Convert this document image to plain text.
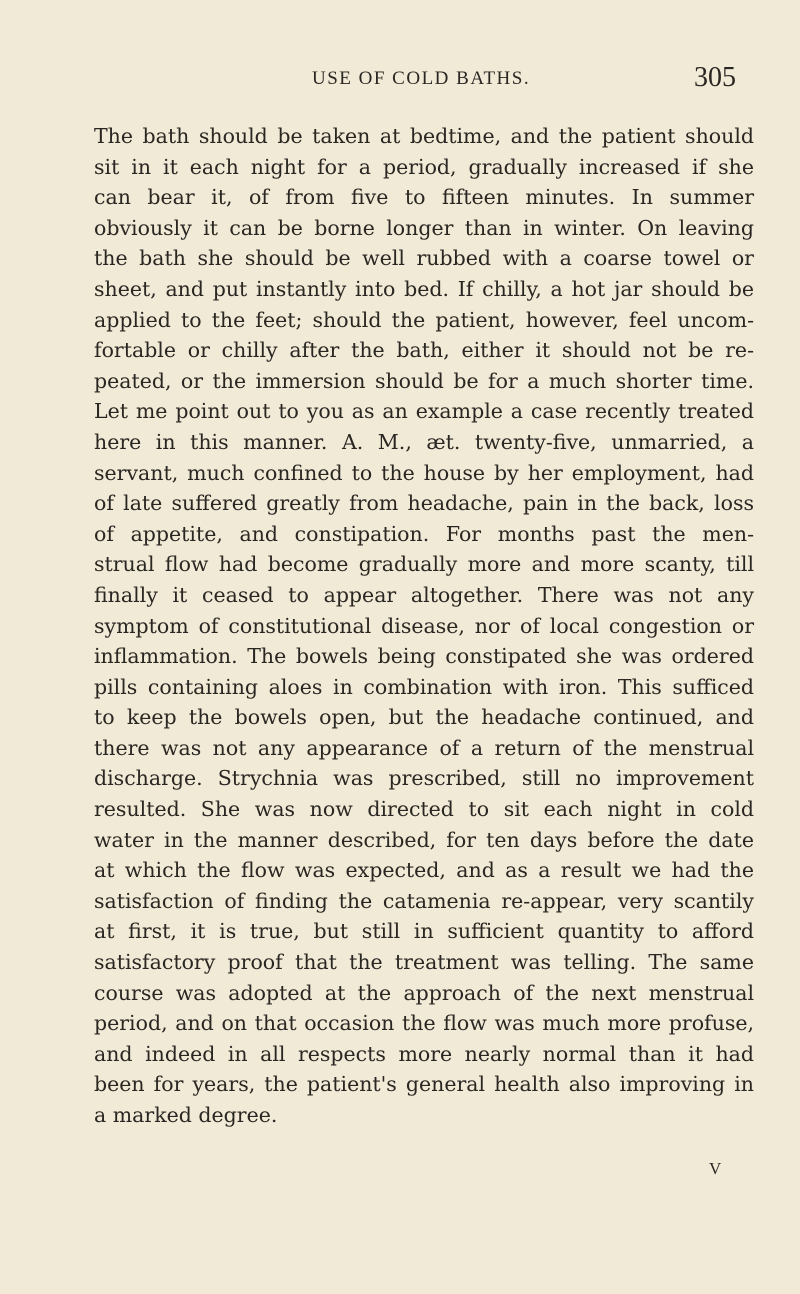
USE OF COLD BATHS.	305
The bath should be taken at bedtime, and the patient should
sit in it each night for a period, gradually increased if she
can bear it, of from five to fifteen minutes. In summer
obviously it can be borne longer than in winter. On leaving
the bath she should be well rubbed with a coarse towel or
sheet, and put instantly into bed. If chilly, a hot jar should be
applied to the feet; should the patient, however, feel uncom-
fortable or chilly after the bath, either it should not be re-
peated, or the immersion should be for a much shorter time.
Let me point out to you as an example a case recently treated
here in this manner. A. M., æt. twenty-five, unmarried, a
servant, much confined to the house by her employment, had
of late suffered greatly from headache, pain in the back, loss
of appetite, and constipation. For months past the men-
strual flow had become gradually more and more scanty, till
finally it ceased to appear altogether. There was not any
symptom of constitutional disease, nor of local congestion or
inflammation. The bowels being constipated she was ordered
pills containing aloes in combination with iron. This sufficed
to keep the bowels open, but the headache continued, and
there was not any appearance of a return of the menstrual
discharge. Strychnia was prescribed, still no improvement
resulted. She was now directed to sit each night in cold
water in the manner described, for ten days before the date
at which the flow was expected, and as a result we had the
satisfaction of finding the catamenia re-appear, very scantily
at first, it is true, but still in sufficient quantity to afford
satisfactory proof that the treatment was telling. The same
course was adopted at the approach of the next menstrual
period, and on that occasion the flow was much more profuse,
and indeed in all respects more nearly normal than it had
been for years, the patient's general health also improving in
a marked degree.
V
